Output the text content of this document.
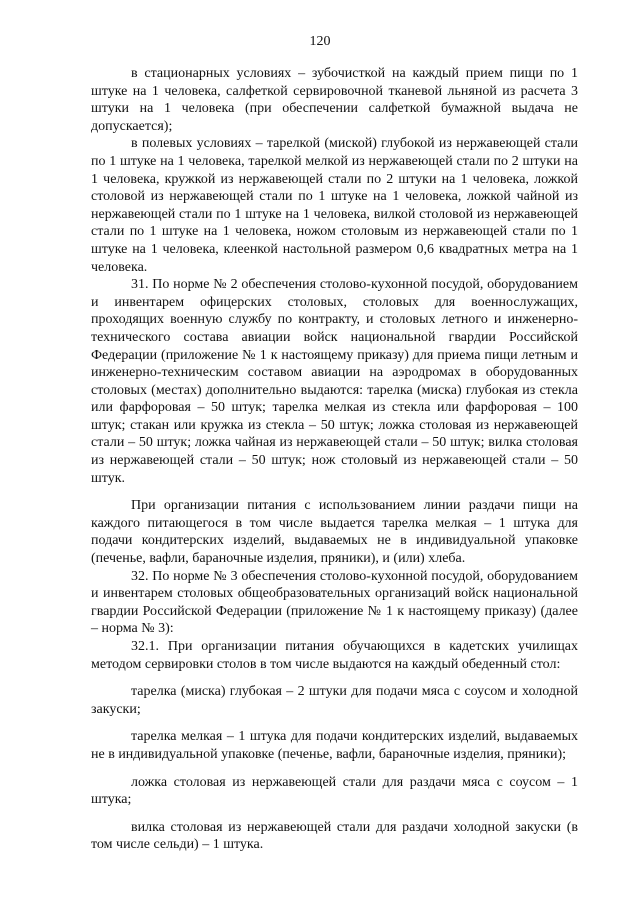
120

в стационарных условиях – зубочисткой на каждый прием пищи по 1 штуке на 1 человека, салфеткой сервировочной тканевой льняной из расчета 3 штуки на 1 человека (при обеспечении салфеткой бумажной выдача не допускается);

в полевых условиях – тарелкой (миской) глубокой из нержавеющей стали по 1 штуке на 1 человека, тарелкой мелкой из нержавеющей стали по 2 штуки на 1 человека, кружкой из нержавеющей стали по 2 штуки на 1 человека, ложкой столовой из нержавеющей стали по 1 штуке на 1 человека, ложкой чайной из нержавеющей стали по 1 штуке на 1 человека, вилкой столовой из нержавеющей стали по 1 штуке на 1 человека, ножом столовым из нержавеющей стали по 1 штуке на 1 человека, клеенкой настольной размером 0,6 квадратных метра на 1 человека.

31. По норме № 2 обеспечения столово-кухонной посудой, оборудованием и инвентарем офицерских столовых, столовых для военнослужащих, проходящих военную службу по контракту, и столовых летного и инженерно-технического состава авиации войск национальной гвардии Российской Федерации (приложение № 1 к настоящему приказу) для приема пищи летным и инженерно-техническим составом авиации на аэродромах в оборудованных столовых (местах) дополнительно выдаются: тарелка (миска) глубокая из стекла или фарфоровая – 50 штук; тарелка мелкая из стекла или фарфоровая – 100 штук; стакан или кружка из стекла – 50 штук; ложка столовая из нержавеющей стали – 50 штук; ложка чайная из нержавеющей стали – 50 штук; вилка столовая из нержавеющей стали – 50 штук; нож столовый из нержавеющей стали – 50 штук.

При организации питания с использованием линии раздачи пищи на каждого питающегося в том числе выдается тарелка мелкая – 1 штука для подачи кондитерских изделий, выдаваемых не в индивидуальной упаковке (печенье, вафли, бараночные изделия, пряники), и (или) хлеба.

32. По норме № 3 обеспечения столово-кухонной посудой, оборудованием и инвентарем столовых общеобразовательных организаций войск национальной гвардии Российской Федерации (приложение № 1 к настоящему приказу) (далее – норма № 3):

32.1. При организации питания обучающихся в кадетских училищах методом сервировки столов в том числе выдаются на каждый обеденный стол:

тарелка (миска) глубокая – 2 штуки для подачи мяса с соусом и холодной закуски;

тарелка мелкая – 1 штука для подачи кондитерских изделий, выдаваемых не в индивидуальной упаковке (печенье, вафли, бараночные изделия, пряники);

ложка столовая из нержавеющей стали для раздачи мяса с соусом – 1 штука;

вилка столовая из нержавеющей стали для раздачи холодной закуски (в том числе сельди) – 1 штука.
